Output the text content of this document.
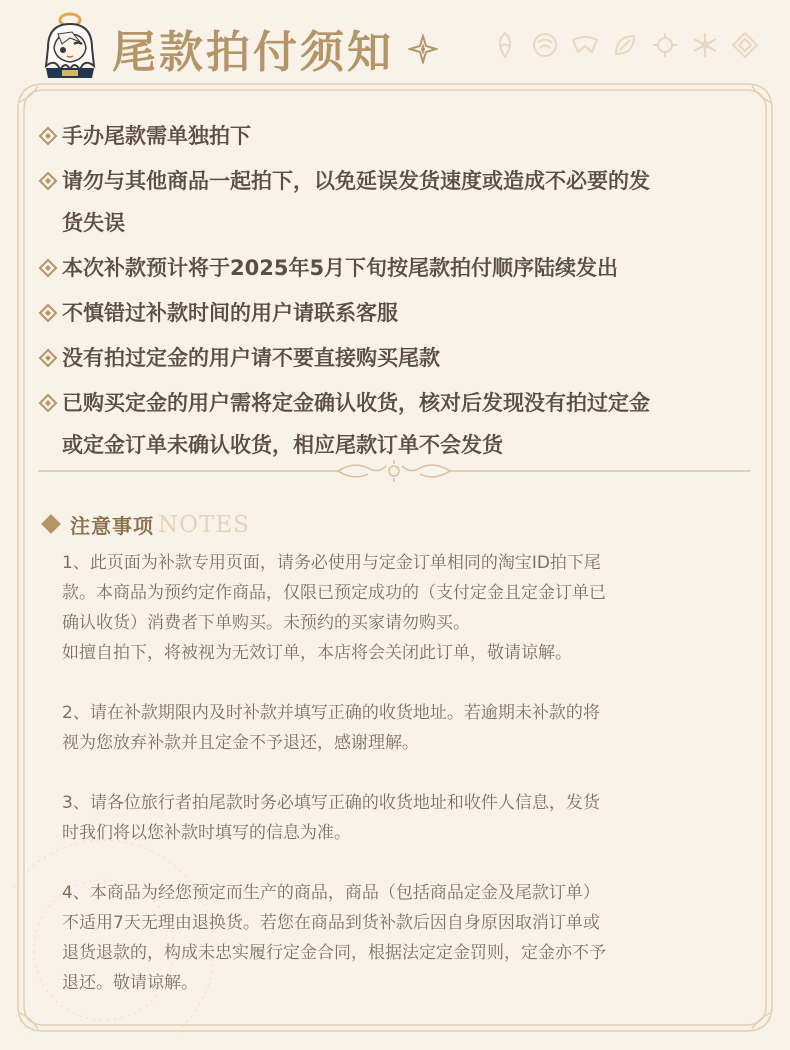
尾款拍付须知
手办尾款需单独拍下
请勿与其他商品一起拍下，以免延误发货速度或造成不必要的发
货失误
本次补款预计将于2025年5月下旬按尾款拍付顺序陆续发出
不慎错过补款时间的用户请联系客服
没有拍过定金的用户请不要直接购买尾款
已购买定金的用户需将定金确认收货，核对后发现没有拍过定金
或定金订单未确认收货，相应尾款订单不会发货
注意事项 NOTES
1、此页面为补款专用页面，请务必使用与定金订单相同的淘宝ID拍下尾
款。本商品为预约定作商品，仅限已预定成功的（支付定金且定金订单已
确认收货）消费者下单购买。未预约的买家请勿购买。
如擅自拍下，将被视为无效订单，本店将会关闭此订单，敬请谅解。
2、请在补款期限内及时补款并填写正确的收货地址。若逾期未补款的将
视为您放弃补款并且定金不予退还，感谢理解。
3、请各位旅行者拍尾款时务必填写正确的收货地址和收件人信息，发货
时我们将以您补款时填写的信息为准。
4、本商品为经您预定而生产的商品，商品（包括商品定金及尾款订单）
不适用7天无理由退换货。若您在商品到货补款后因自身原因取消订单或
退货退款的，构成未忠实履行定金合同，根据法定定金罚则，定金亦不予
退还。敬请谅解。
